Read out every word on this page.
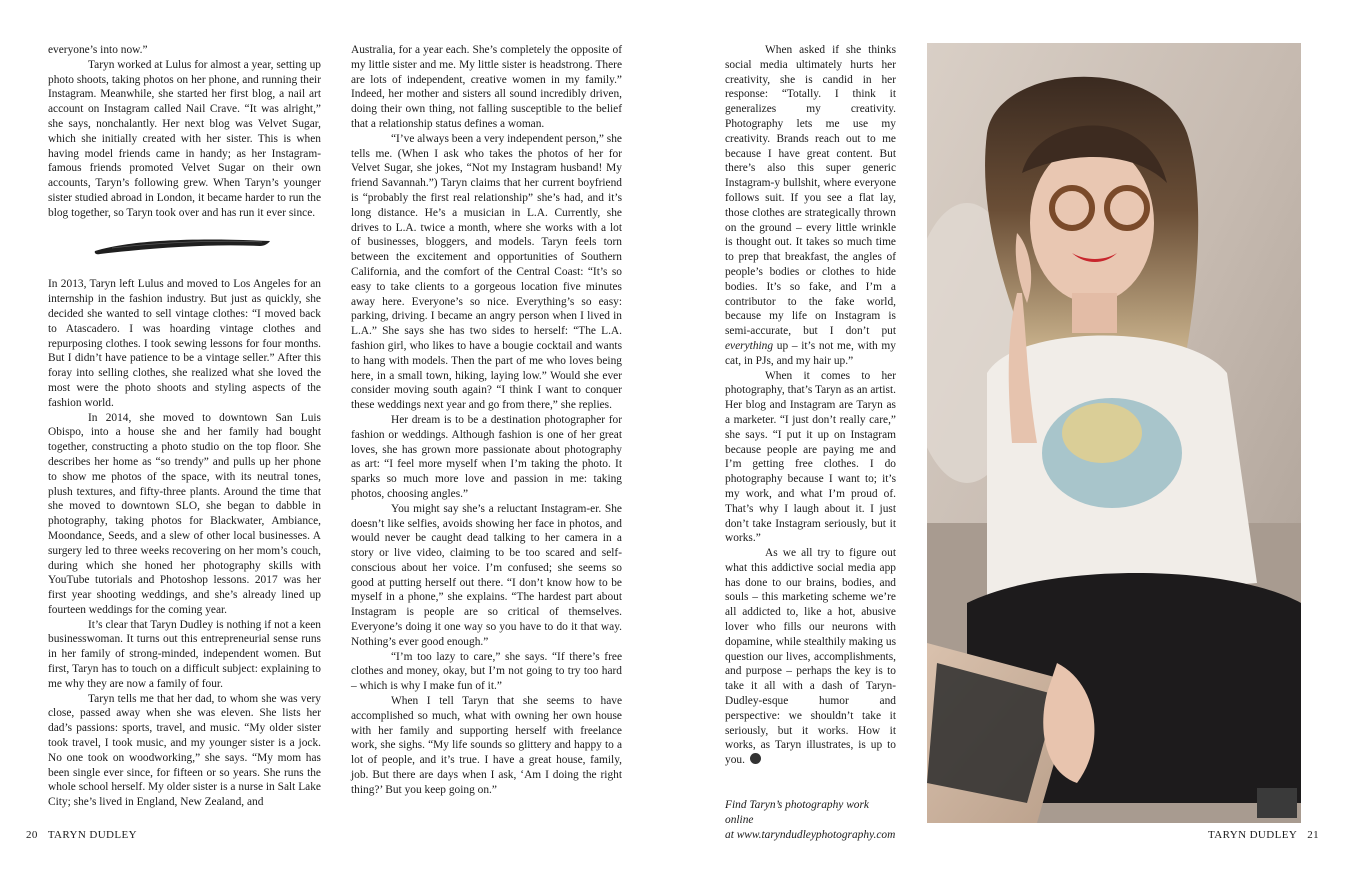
everyone’s into now.”

Taryn worked at Lulus for almost a year, setting up photo shoots, taking photos on her phone, and running their Instagram. Meanwhile, she started her first blog, a nail art account on Instagram called Nail Crave. “It was alright,” she says, nonchalantly. Her next blog was Velvet Sugar, which she initially created with her sister. This is when having model friends came in handy; as her Instagram-famous friends promoted Velvet Sugar on their own accounts, Taryn’s following grew. When Taryn’s younger sister studied abroad in London, it became harder to run the blog together, so Taryn took over and has run it ever since.

In 2013, Taryn left Lulus and moved to Los Angeles for an internship in the fashion industry. But just as quickly, she decided she wanted to sell vintage clothes: “I moved back to Atascadero. I was hoarding vintage clothes and repurposing clothes. I took sewing lessons for four months. But I didn’t have patience to be a vintage seller.” After this foray into selling clothes, she realized what she loved the most were the photo shoots and styling aspects of the fashion world.

In 2014, she moved to downtown San Luis Obispo, into a house she and her family had bought together, constructing a photo studio on the top floor. She describes her home as “so trendy” and pulls up her phone to show me photos of the space, with its neutral tones, plush textures, and fifty-three plants. Around the time that she moved to downtown SLO, she began to dabble in photography, taking photos for Blackwater, Ambiance, Moondance, Seeds, and a slew of other local businesses. A surgery led to three weeks recovering on her mom’s couch, during which she honed her photography skills with YouTube tutorials and Photoshop lessons. 2017 was her first year shooting weddings, and she’s already lined up fourteen weddings for the coming year.

It’s clear that Taryn Dudley is nothing if not a keen businesswoman. It turns out this entrepreneurial sense runs in her family of strong-minded, independent women. But first, Taryn has to touch on a difficult subject: explaining to me why they are now a family of four.

Taryn tells me that her dad, to whom she was very close, passed away when she was eleven. She lists her dad’s passions: sports, travel, and music. “My older sister took travel, I took music, and my younger sister is a jock. No one took on woodworking,” she says. “My mom has been single ever since, for fifteen or so years. She runs the whole school herself. My older sister is a nurse in Salt Lake City; she’s lived in England, New Zealand, and

Australia, for a year each. She’s completely the opposite of my little sister and me. My little sister is headstrong. There are lots of independent, creative women in my family.” Indeed, her mother and sisters all sound incredibly driven, doing their own thing, not falling susceptible to the belief that a relationship status defines a woman.

“I’ve always been a very independent person,” she tells me. (When I ask who takes the photos of her for Velvet Sugar, she jokes, “Not my Instagram husband! My friend Savannah.”) Taryn claims that her current boyfriend is “probably the first real relationship” she’s had, and it’s long distance. He’s a musician in L.A. Currently, she drives to L.A. twice a month, where she works with a lot of businesses, bloggers, and models. Taryn feels torn between the excitement and opportunities of Southern California, and the comfort of the Central Coast: “It’s so easy to take clients to a gorgeous location five minutes away here. Everyone’s so nice. Everything’s so easy: parking, driving. I became an angry person when I lived in L.A.” She says she has two sides to herself: “The L.A. fashion girl, who likes to have a bougie cocktail and wants to hang with models. Then the part of me who loves being here, in a small town, hiking, laying low.” Would she ever consider moving south again? “I think I want to conquer these weddings next year and go from there,” she replies.

Her dream is to be a destination photographer for fashion or weddings. Although fashion is one of her great loves, she has grown more passionate about photography as art: “I feel more myself when I’m taking the photo. It sparks so much more love and passion in me: taking photos, choosing angles.”

You might say she’s a reluctant Instagram-er. She doesn’t like selfies, avoids showing her face in photos, and would never be caught dead talking to her camera in a story or live video, claiming to be too scared and self-conscious about her voice. I’m confused; she seems so good at putting herself out there. “I don’t know how to be myself in a phone,” she explains. “The hardest part about Instagram is people are so critical of themselves. Everyone’s doing it one way so you have to do it that way. Nothing’s ever good enough.”

“I’m too lazy to care,” she says. “If there’s free clothes and money, okay, but I’m not going to try too hard – which is why I make fun of it.”

When I tell Taryn that she seems to have accomplished so much, what with owning her own house with her family and supporting herself with freelance work, she sighs. “My life sounds so glittery and happy to a lot of people, and it’s true. I have a great house, family, job. But there are days when I ask, ‘Am I doing the right thing?’ But you keep going on.”

When asked if she thinks social media ultimately hurts her creativity, she is candid in her response: “Totally. I think it generalizes my creativity. Photography lets me use my creativity. Brands reach out to me because I have great content. But there’s also this super generic Instagram-y bullshit, where everyone follows suit. If you see a flat lay, those clothes are strategically thrown on the ground – every little wrinkle is thought out. It takes so much time to prep that breakfast, the angles of people’s bodies or clothes to hide bodies. It’s so fake, and I’m a contributor to the fake world, because my life on Instagram is semi-accurate, but I don’t put everything up – it’s not me, with my cat, in PJs, and my hair up.”

When it comes to her photography, that’s Taryn as an artist. Her blog and Instagram are Taryn as a marketer. “I just don’t really care,” she says. “I put it up on Instagram because people are paying me and I’m getting free clothes. I do photography because I want to; it’s my work, and what I’m proud of. That’s why I laugh about it. I just don’t take Instagram seriously, but it works.”

As we all try to figure out what this addictive social media app has done to our brains, bodies, and souls – this marketing scheme we’re all addicted to, like a hot, abusive lover who fills our neurons with dopamine, while stealthily making us question our lives, accomplishments, and purpose – perhaps the key is to take it all with a dash of Taryn-Dudley-esque humor and perspective: we shouldn’t take it seriously, but it works. How it works, as Taryn illustrates, is up to you.

Find Taryn’s photography work online
at www.taryndudleyphotography.com
20 TARYN DUDLEY	TARYN DUDLEY 21
